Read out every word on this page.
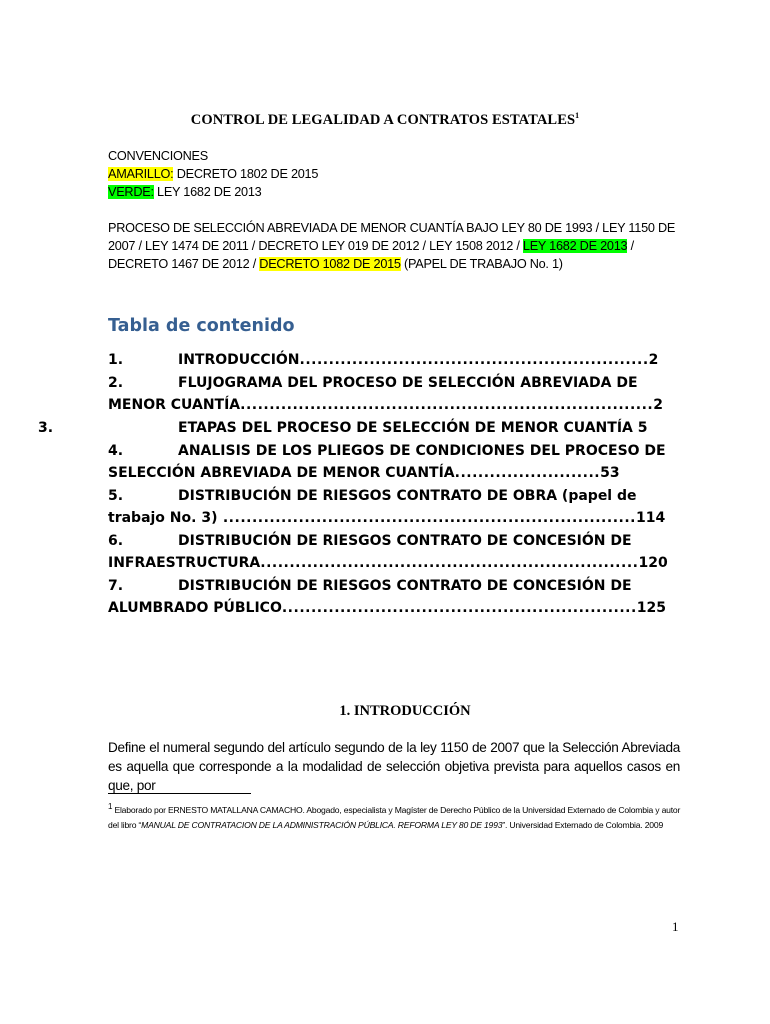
CONTROL DE LEGALIDAD A CONTRATOS ESTATALES$^1$
CONVENCIONES
AMARILLO: DECRETO 1802 DE 2015
VERDE: LEY 1682 DE 2013
PROCESO DE SELECCIÓN ABREVIADA DE MENOR CUANTÍA BAJO LEY 80 DE 1993 / LEY 1150 DE 2007 / LEY 1474 DE 2011 / DECRETO LEY 019 DE 2012 / LEY 1508 2012 / LEY 1682 DE 2013 / DECRETO 1467 DE 2012 / DECRETO 1082 DE 2015 (PAPEL DE TRABAJO No. 1)
Tabla de contenido
1.	INTRODUCCIÓN............................................................2
2.	FLUJOGRAMA DEL PROCESO DE SELECCIÓN ABREVIADA DE MENOR CUANTÍA.......................................................................2
3.	ETAPAS DEL PROCESO DE SELECCIÓN DE MENOR CUANTÍA 5
4.	ANALISIS DE LOS PLIEGOS DE CONDICIONES DEL PROCESO DE SELECCIÓN ABREVIADA DE MENOR CUANTÍA.........................53
5.	DISTRIBUCIÓN DE RIESGOS CONTRATO DE OBRA (papel de trabajo No. 3) .......................................................................114
6.	DISTRIBUCIÓN DE RIESGOS CONTRATO DE CONCESIÓN DE INFRAESTRUCTURA.................................................................120
7.	DISTRIBUCIÓN DE RIESGOS CONTRATO DE CONCESIÓN DE ALUMBRADO PÚBLICO.............................................................125
1. INTRODUCCIÓN
Define el numeral segundo del artículo segundo de la ley 1150 de 2007 que la Selección Abreviada es aquella que corresponde a la modalidad de selección objetiva prevista para aquellos casos en que, por
$^1$ Elaborado por ERNESTO MATALLANA CAMACHO. Abogado, especialista y Magíster de Derecho Público de la Universidad Externado de Colombia y autor del libro “MANUAL DE CONTRATACION DE LA ADMINISTRACIÓN PÚBLICA. REFORMA LEY 80 DE 1993”. Universidad Externado de Colombia. 2009
1
